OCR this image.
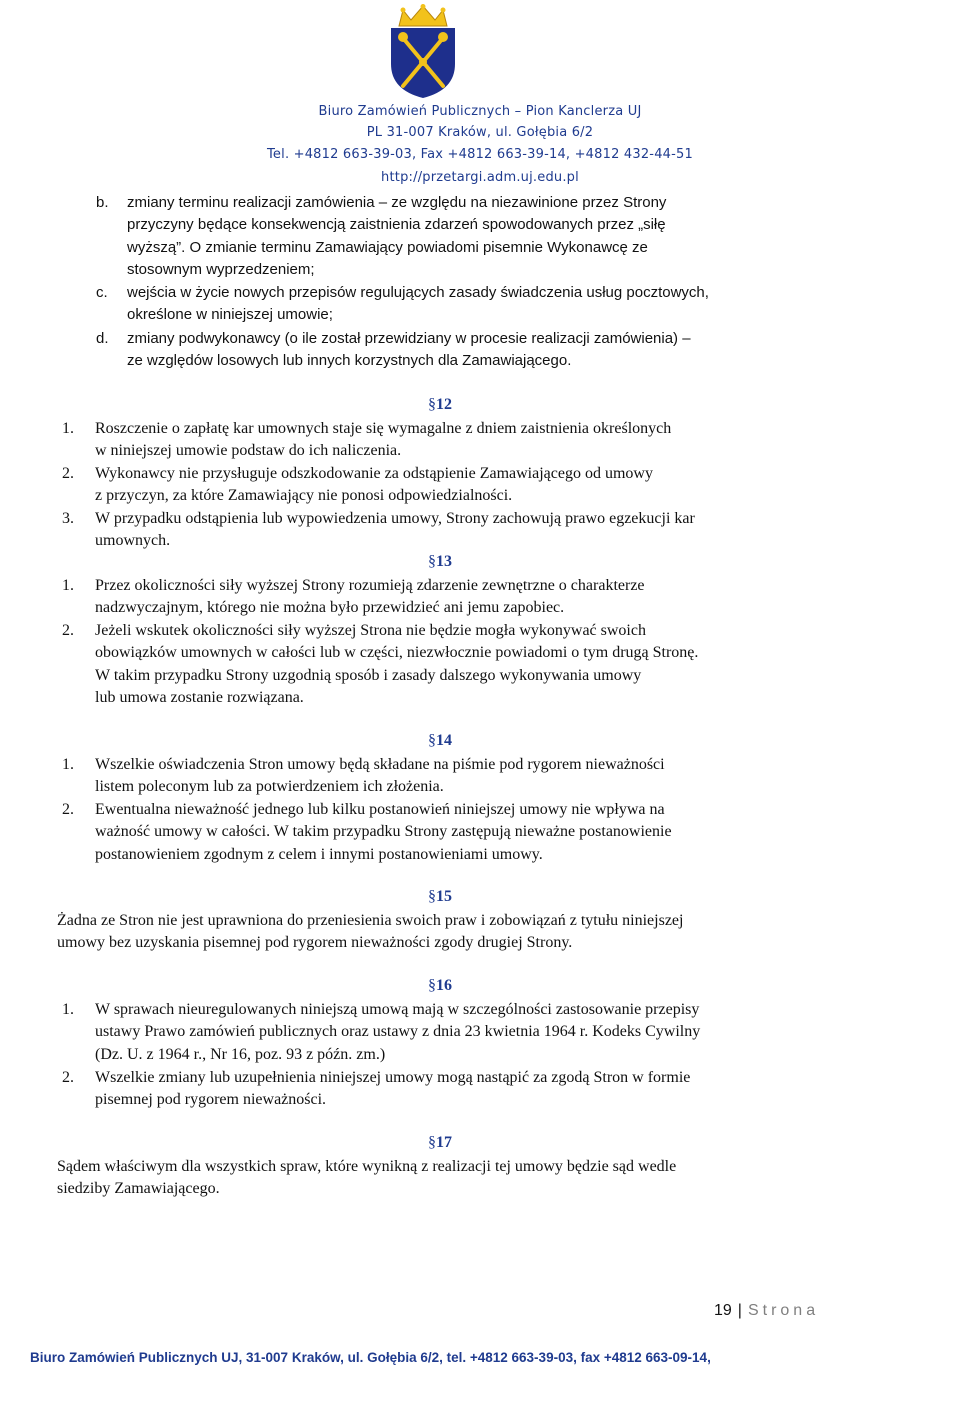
Biuro Zamówień Publicznych – Pion Kanclerza UJ
PL 31-007 Kraków, ul. Gołębia 6/2
Tel. +4812 663-39-03, Fax +4812 663-39-14, +4812 432-44-51
http://przetargi.adm.uj.edu.pl
b. zmiany terminu realizacji zamówienia – ze względu na niezawinione przez Strony
przyczyny będące konsekwencją zaistnienia zdarzeń spowodowanych przez „siłę
wyższą”. O zmianie terminu Zamawiający powiadomi pisemnie Wykonawcę ze
stosownym wyprzedzeniem;
c. wejścia w życie nowych przepisów regulujących zasady świadczenia usług pocztowych,
określone w niniejszej umowie;
d. zmiany podwykonawcy (o ile został przewidziany w procesie realizacji zamówienia) –
ze względów losowych lub innych korzystnych dla Zamawiającego.
§ 12
1. Roszczenie o zapłatę kar umownych staje się wymagalne z dniem zaistnienia określonych
w niniejszej umowie podstaw do ich naliczenia.
2. Wykonawcy nie przysługuje odszkodowanie za odstąpienie Zamawiającego od umowy
z przyczyn, za które Zamawiający nie ponosi odpowiedzialności.
3. W przypadku odstąpienia lub wypowiedzenia umowy, Strony zachowują prawo egzekucji kar
umownych.
§ 13
1. Przez okoliczności siły wyższej Strony rozumieją zdarzenie zewnętrzne o charakterze
nadzwyczajnym, którego nie można było przewidzieć ani jemu zapobiec.
2. Jeżeli wskutek okoliczności siły wyższej Strona nie będzie mogła wykonywać swoich
obowiązków umownych w całości lub w części, niezwłocznie powiadomi o tym drugą Stronę.
W takim przypadku Strony uzgodnią sposób i zasady dalszego wykonywania umowy
lub umowa zostanie rozwiązana.
§ 14
1. Wszelkie oświadczenia Stron umowy będą składane na piśmie pod rygorem nieważności
listem poleconym lub za potwierdzeniem ich złożenia.
2. Ewentualna nieważność jednego lub kilku postanowień niniejszej umowy nie wpływa na
ważność umowy w całości. W takim przypadku Strony zastępują nieważne postanowienie
postanowieniem zgodnym z celem i innymi postanowieniami umowy.
§ 15
Żadna ze Stron nie jest uprawniona do przeniesienia swoich praw i zobowiązań z tytułu niniejszej
umowy bez uzyskania pisemnej pod rygorem nieważności zgody drugiej Strony.
§ 16
1. W sprawach nieuregulowanych niniejszą umową mają w szczególności zastosowanie przepisy
ustawy Prawo zamówień publicznych oraz ustawy z dnia 23 kwietnia 1964 r. Kodeks Cywilny
(Dz. U. z 1964 r., Nr 16, poz. 93 z późn. zm.)
2. Wszelkie zmiany lub uzupełnienia niniejszej umowy mogą nastąpić za zgodą Stron w formie
pisemnej pod rygorem nieważności.
§ 17
Sądem właściwym dla wszystkich spraw, które wynikną z realizacji tej umowy będzie sąd wedle
siedziby Zamawiającego.
19 | Strona
Biuro Zamówień Publicznych UJ, 31-007 Kraków, ul. Gołębia 6/2, tel. +4812 663-39-03, fax +4812 663-09-14,
